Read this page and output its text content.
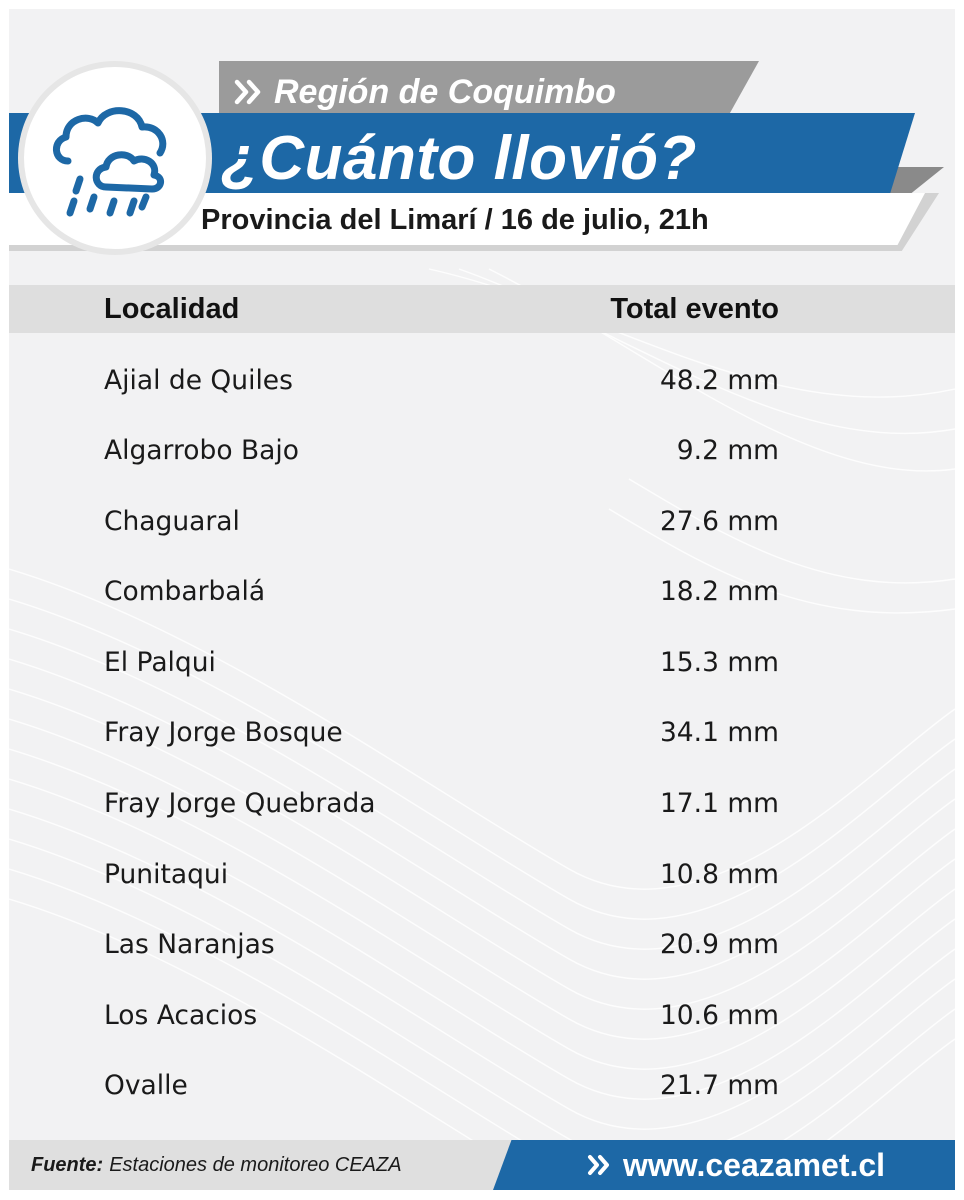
Región de Coquimbo
¿Cuánto llovió?
Provincia del Limarí / 16 de julio, 21h
Localidad	Total evento
Ajial de Quiles	48.2 mm
Algarrobo Bajo	9.2 mm
Chaguaral	27.6 mm
Combarbalá	18.2 mm
El Palqui	15.3 mm
Fray Jorge Bosque	34.1 mm
Fray Jorge Quebrada	17.1 mm
Punitaqui	10.8 mm
Las Naranjas	20.9 mm
Los Acacios	10.6 mm
Ovalle	21.7 mm
Fuente: Estaciones de monitoreo CEAZA	www.ceazamet.cl
